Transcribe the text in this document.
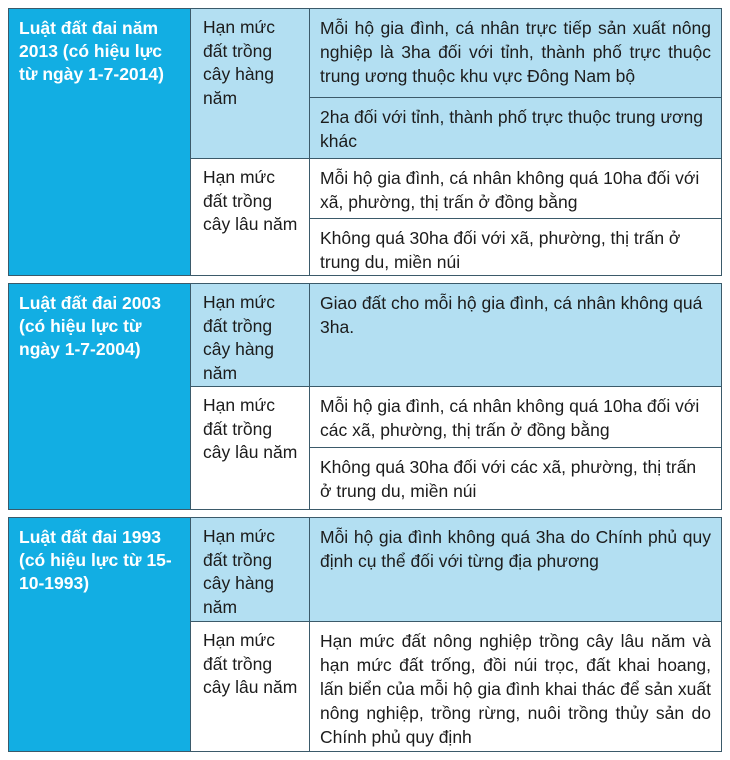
Luật đất đai năm 2013 (có hiệu lực từ ngày 1-7-2014)
Hạn mức đất trồng cây hàng năm
Mỗi hộ gia đình, cá nhân trực tiếp sản xuất nông nghiệp là 3ha đối với tỉnh, thành phố trực thuộc trung ương thuộc khu vực Đông Nam bộ
2ha đối với tỉnh, thành phố trực thuộc trung ương khác
Hạn mức đất trồng cây lâu năm
Mỗi hộ gia đình, cá nhân không quá 10ha đối với xã, phường, thị trấn ở đồng bằng
Không quá 30ha đối với xã, phường, thị trấn ở trung du, miền núi
Luật đất đai 2003 (có hiệu lực từ ngày 1-7-2004)
Hạn mức đất trồng cây hàng năm
Giao đất cho mỗi hộ gia đình, cá nhân không quá 3ha.
Hạn mức đất trồng cây lâu năm
Mỗi hộ gia đình, cá nhân không quá 10ha đối với các xã, phường, thị trấn ở đồng bằng
Không quá 30ha đối với các xã, phường, thị trấn ở trung du, miền núi
Luật đất đai 1993 (có hiệu lực từ 15-10-1993)
Hạn mức đất trồng cây hàng năm
Mỗi hộ gia đình không quá 3ha do Chính phủ quy định cụ thể đối với từng địa phương
Hạn mức đất trồng cây lâu năm
Hạn mức đất nông nghiệp trồng cây lâu năm và hạn mức đất trống, đồi núi trọc, đất khai hoang, lấn biển của mỗi hộ gia đình khai thác để sản xuất nông nghiệp, trồng rừng, nuôi trồng thủy sản do Chính phủ quy định
